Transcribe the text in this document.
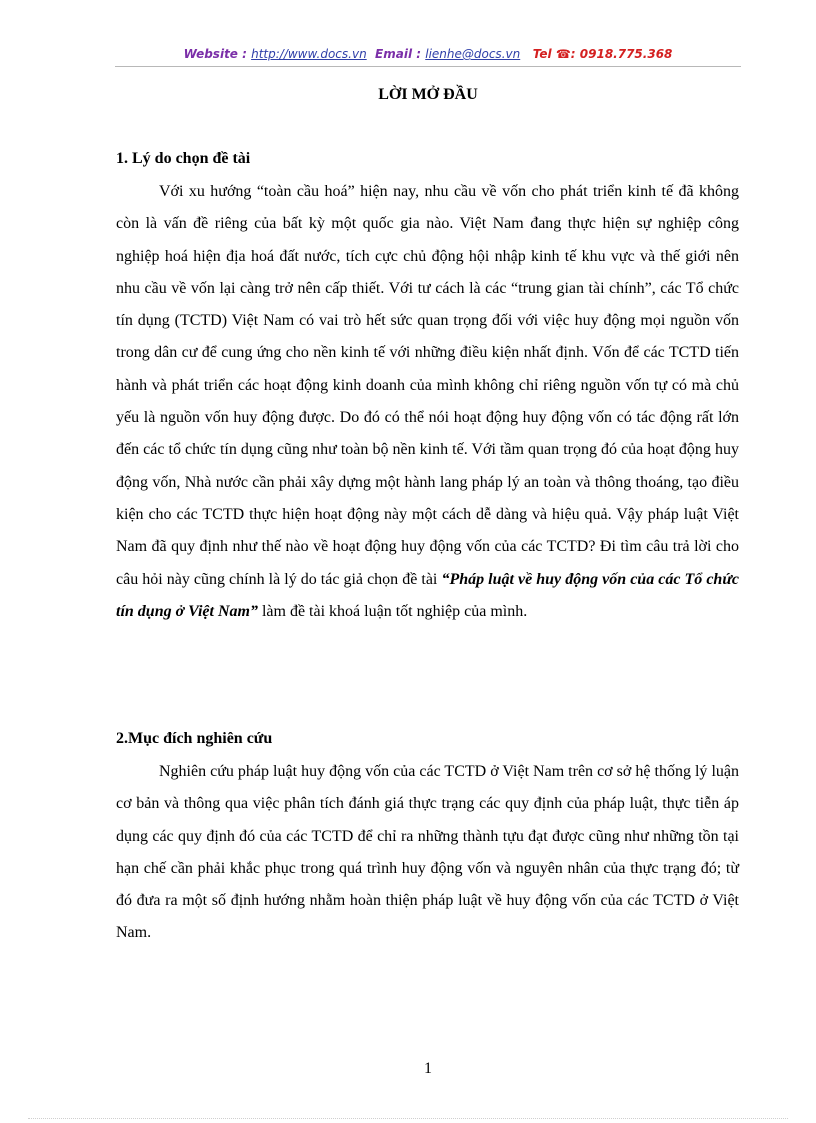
Website : http://www.docs.vn Email : lienhe@docs.vn Tel ☎: 0918.775.368
LỜI MỞ ĐẦU
1. Lý do chọn đề tài
Với xu hướng “toàn cầu hoá” hiện nay, nhu cầu về vốn cho phát triển kinh tế đã không còn là vấn đề riêng của bất kỳ một quốc gia nào. Việt Nam đang thực hiện sự nghiệp công nghiệp hoá hiện địa hoá đất nước, tích cực chủ động hội nhập kinh tế khu vực và thế giới nên nhu cầu về vốn lại càng trở nên cấp thiết. Với tư cách là các “trung gian tài chính”, các Tổ chức tín dụng (TCTD) Việt Nam có vai trò hết sức quan trọng đối với việc huy động mọi nguồn vốn trong dân cư để cung ứng cho nền kinh tế với những điều kiện nhất định. Vốn để các TCTD tiến hành và phát triển các hoạt động kinh doanh của mình không chỉ riêng nguồn vốn tự có mà chủ yếu là nguồn vốn huy động được. Do đó có thể nói hoạt động huy động vốn có tác động rất lớn đến các tổ chức tín dụng cũng như toàn bộ nền kinh tế. Với tầm quan trọng đó của hoạt động huy động vốn, Nhà nước cần phải xây dựng một hành lang pháp lý an toàn và thông thoáng, tạo điều kiện cho các TCTD thực hiện hoạt động này một cách dễ dàng và hiệu quả. Vậy pháp luật Việt Nam đã quy định như thế nào về hoạt động huy động vốn của các TCTD? Đi tìm câu trả lời cho câu hỏi này cũng chính là lý do tác giả chọn đề tài “Pháp luật về huy động vốn của các Tổ chức tín dụng ở Việt Nam” làm đề tài khoá luận tốt nghiệp của mình.
2.Mục đích nghiên cứu
Nghiên cứu pháp luật huy động vốn của các TCTD ở Việt Nam trên cơ sở hệ thống lý luận cơ bản và thông qua việc phân tích đánh giá thực trạng các quy định của pháp luật, thực tiễn áp dụng các quy định đó của các TCTD để chỉ ra những thành tựu đạt được cũng như những tồn tại hạn chế cần phải khắc phục trong quá trình huy động vốn và nguyên nhân của thực trạng đó; từ đó đưa ra một số định hướng nhằm hoàn thiện pháp luật về huy động vốn của các TCTD ở Việt Nam.
1
